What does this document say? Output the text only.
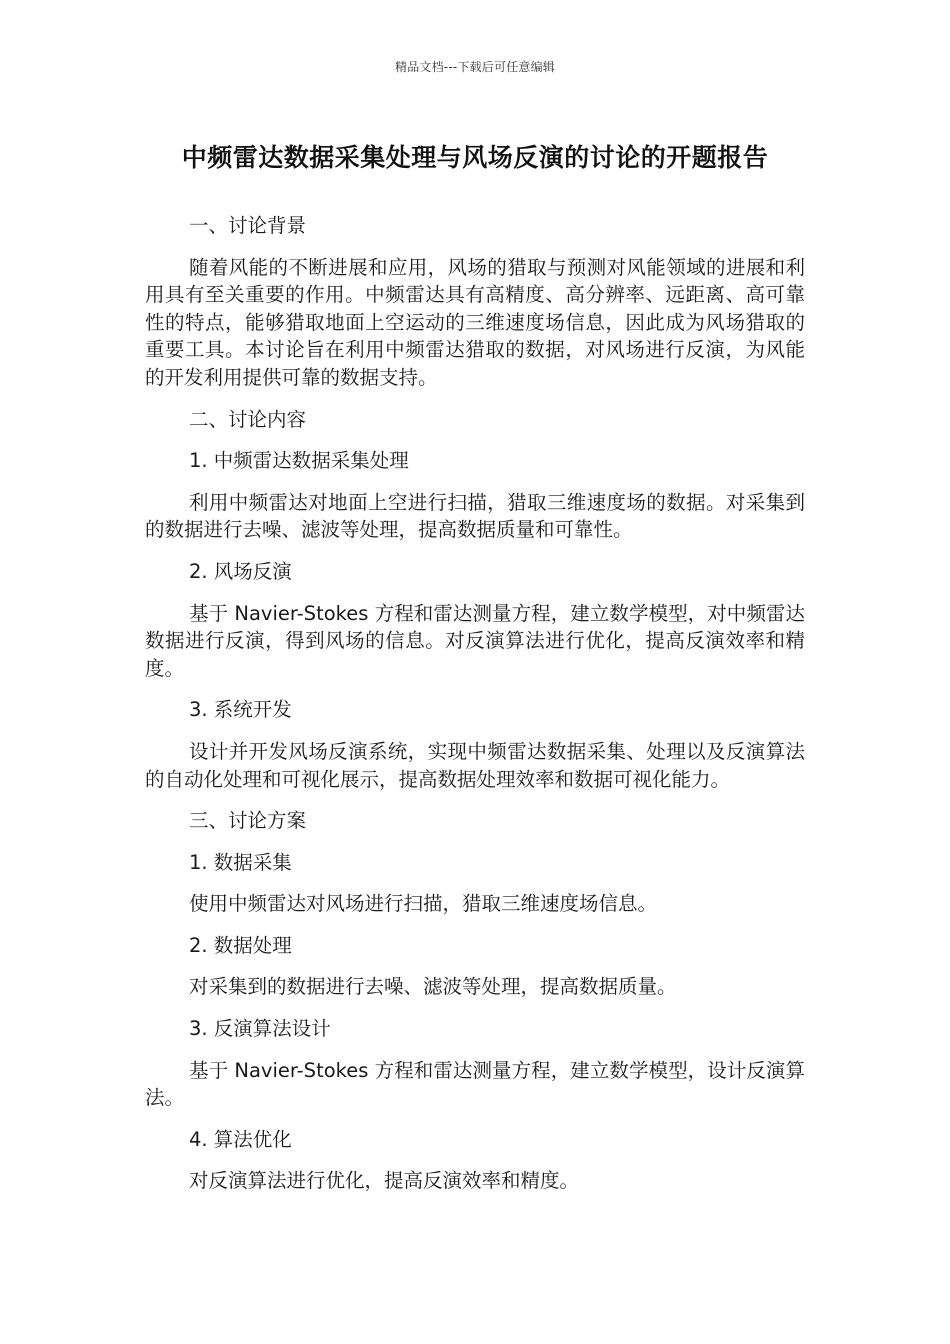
精品文档---下载后可任意编辑
中频雷达数据采集处理与风场反演的讨论的开题报告

一、讨论背景

随着风能的不断进展和应用，风场的猎取与预测对风能领域的进展和利用具有至关重要的作用。中频雷达具有高精度、高分辨率、远距离、高可靠性的特点，能够猎取地面上空运动的三维速度场信息，因此成为风场猎取的重要工具。本讨论旨在利用中频雷达猎取的数据，对风场进行反演，为风能的开发利用提供可靠的数据支持。

二、讨论内容

1. 中频雷达数据采集处理

利用中频雷达对地面上空进行扫描，猎取三维速度场的数据。对采集到的数据进行去噪、滤波等处理，提高数据质量和可靠性。

2. 风场反演

基于 Navier-Stokes 方程和雷达测量方程，建立数学模型，对中频雷达数据进行反演，得到风场的信息。对反演算法进行优化，提高反演效率和精度。

3. 系统开发

设计并开发风场反演系统，实现中频雷达数据采集、处理以及反演算法的自动化处理和可视化展示，提高数据处理效率和数据可视化能力。

三、讨论方案

1. 数据采集

使用中频雷达对风场进行扫描，猎取三维速度场信息。

2. 数据处理

对采集到的数据进行去噪、滤波等处理，提高数据质量。

3. 反演算法设计

基于 Navier-Stokes 方程和雷达测量方程，建立数学模型，设计反演算法。

4. 算法优化

对反演算法进行优化，提高反演效率和精度。
